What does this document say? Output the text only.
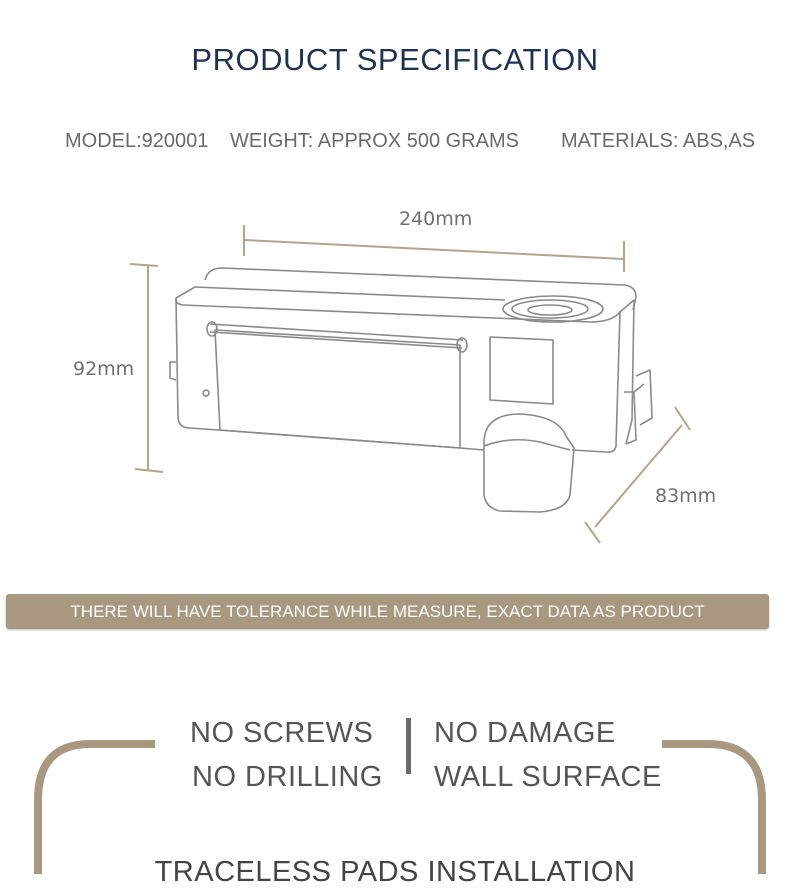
PRODUCT SPECIFICATION
MODEL:920001 WEIGHT: APPROX 500 GRAMS MATERIALS: ABS,AS
240mm
92mm
83mm
THERE WILL HAVE TOLERANCE WHILE MEASURE, EXACT DATA AS PRODUCT
NO SCREWS
NO DRILLING
NO DAMAGE
WALL SURFACE
TRACELESS PADS INSTALLATION
